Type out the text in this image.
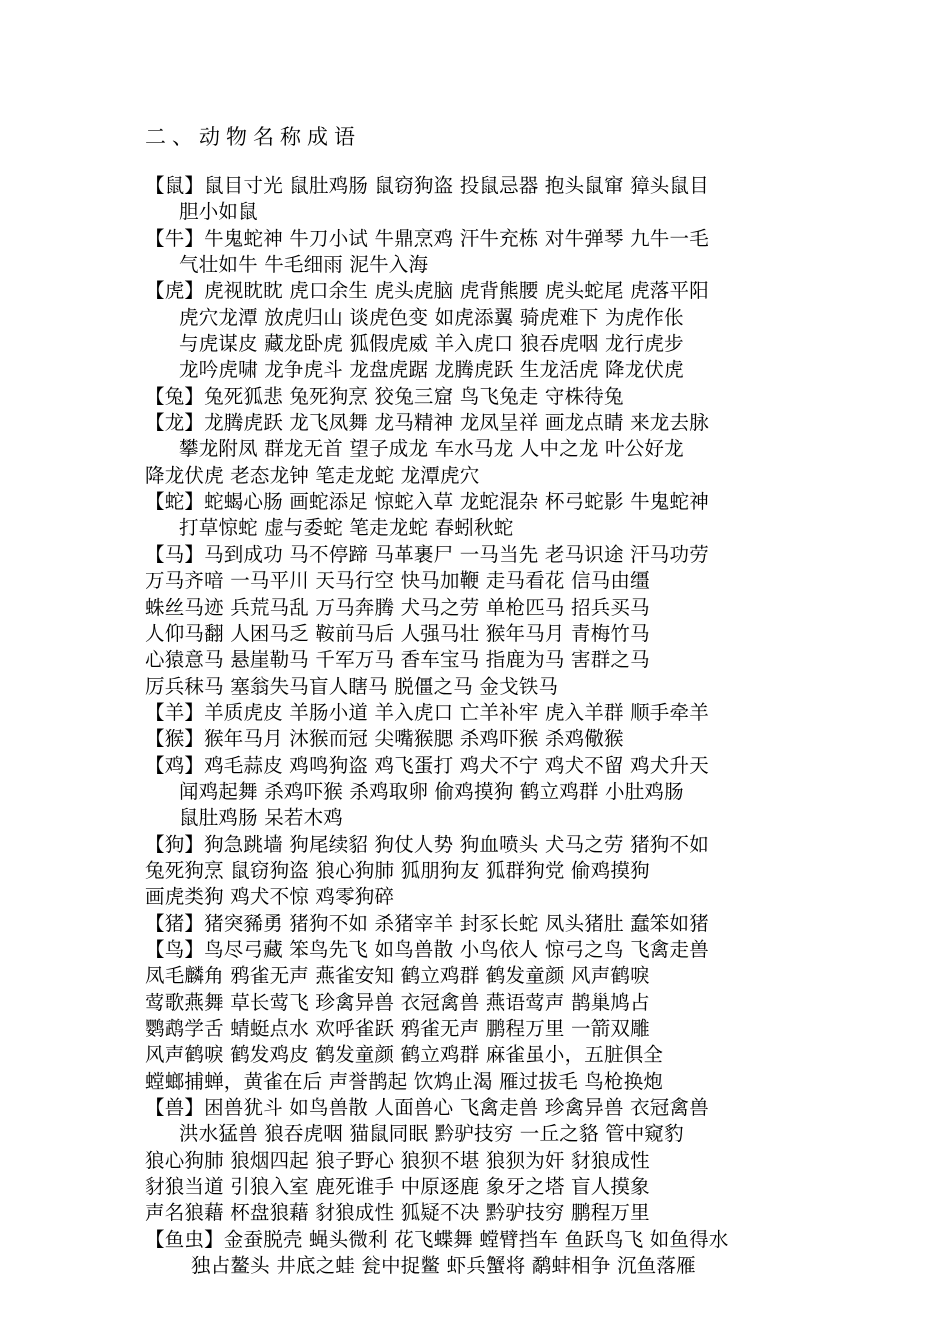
二、动物名称成语
【鼠】鼠目寸光 鼠肚鸡肠 鼠窃狗盗 投鼠忌器 抱头鼠窜 獐头鼠目
胆小如鼠
【牛】牛鬼蛇神 牛刀小试 牛鼎烹鸡 汗牛充栋 对牛弹琴 九牛一毛
气壮如牛 牛毛细雨 泥牛入海
【虎】虎视眈眈 虎口余生 虎头虎脑 虎背熊腰 虎头蛇尾 虎落平阳
虎穴龙潭 放虎归山 谈虎色变 如虎添翼 骑虎难下 为虎作伥
与虎谋皮 藏龙卧虎 狐假虎威 羊入虎口 狼吞虎咽 龙行虎步
龙吟虎啸 龙争虎斗 龙盘虎踞 龙腾虎跃 生龙活虎 降龙伏虎
【兔】兔死狐悲 兔死狗烹 狡兔三窟 鸟飞兔走 守株待兔
【龙】龙腾虎跃 龙飞凤舞 龙马精神 龙凤呈祥 画龙点睛 来龙去脉
攀龙附凤 群龙无首 望子成龙 车水马龙 人中之龙 叶公好龙
降龙伏虎 老态龙钟 笔走龙蛇 龙潭虎穴
【蛇】蛇蝎心肠 画蛇添足 惊蛇入草 龙蛇混杂 杯弓蛇影 牛鬼蛇神
打草惊蛇 虚与委蛇 笔走龙蛇 春蚓秋蛇
【马】马到成功 马不停蹄 马革裹尸 一马当先 老马识途 汗马功劳
万马齐喑 一马平川 天马行空 快马加鞭 走马看花 信马由缰
蛛丝马迹 兵荒马乱 万马奔腾 犬马之劳 单枪匹马 招兵买马
人仰马翻 人困马乏 鞍前马后 人强马壮 猴年马月 青梅竹马
心猿意马 悬崖勒马 千军万马 香车宝马 指鹿为马 害群之马
厉兵秣马 塞翁失马盲人瞎马 脱僵之马 金戈铁马
【羊】羊质虎皮 羊肠小道 羊入虎口 亡羊补牢 虎入羊群 顺手牵羊
【猴】猴年马月 沐猴而冠 尖嘴猴腮 杀鸡吓猴 杀鸡儆猴
【鸡】鸡毛蒜皮 鸡鸣狗盗 鸡飞蛋打 鸡犬不宁 鸡犬不留 鸡犬升天
闻鸡起舞 杀鸡吓猴 杀鸡取卵 偷鸡摸狗 鹤立鸡群 小肚鸡肠
鼠肚鸡肠 呆若木鸡
【狗】狗急跳墙 狗尾续貂 狗仗人势 狗血喷头 犬马之劳 猪狗不如
兔死狗烹 鼠窃狗盗 狼心狗肺 狐朋狗友 狐群狗党 偷鸡摸狗
画虎类狗 鸡犬不惊 鸡零狗碎
【猪】猪突豨勇 猪狗不如 杀猪宰羊 封豕长蛇 凤头猪肚 蠢笨如猪
【鸟】鸟尽弓藏 笨鸟先飞 如鸟兽散 小鸟依人 惊弓之鸟 飞禽走兽
凤毛麟角 鸦雀无声 燕雀安知 鹤立鸡群 鹤发童颜 风声鹤唳
莺歌燕舞 草长莺飞 珍禽异兽 衣冠禽兽 燕语莺声 鹊巢鸠占
鹦鹉学舌 蜻蜓点水 欢呼雀跃 鸦雀无声 鹏程万里 一箭双雕
风声鹤唳 鹤发鸡皮 鹤发童颜 鹤立鸡群 麻雀虽小，五脏俱全
螳螂捕蝉，黄雀在后 声誉鹊起 饮鸩止渴 雁过拔毛 鸟枪换炮
【兽】困兽犹斗 如鸟兽散 人面兽心 飞禽走兽 珍禽异兽 衣冠禽兽
洪水猛兽 狼吞虎咽 猫鼠同眠 黔驴技穷 一丘之貉 管中窥豹
狼心狗肺 狼烟四起 狼子野心 狼狈不堪 狼狈为奸 豺狼成性
豺狼当道 引狼入室 鹿死谁手 中原逐鹿 象牙之塔 盲人摸象
声名狼藉 杯盘狼藉 豺狼成性 狐疑不决 黔驴技穷 鹏程万里
【鱼虫】金蚕脱壳 蝇头微利 花飞蝶舞 螳臂挡车 鱼跃鸟飞 如鱼得水
独占鳌头 井底之蛙 瓮中捉鳖 虾兵蟹将 鹬蚌相争 沉鱼落雁
